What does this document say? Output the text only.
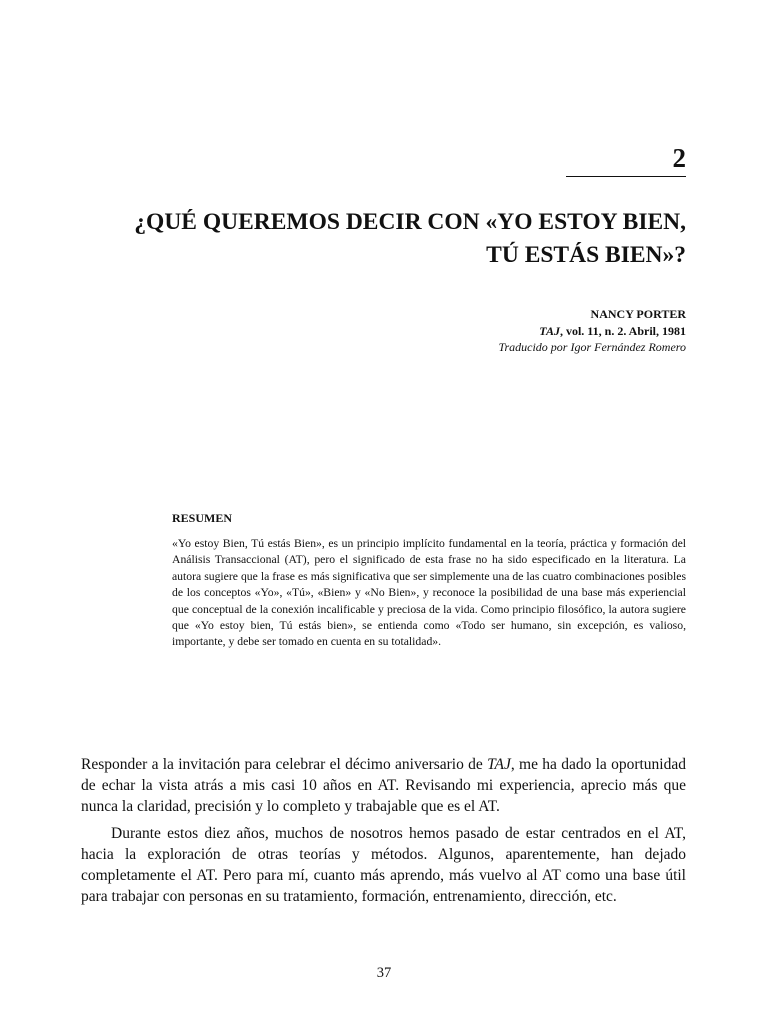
2
¿QUÉ QUEREMOS DECIR CON «YO ESTOY BIEN,
TÚ ESTÁS BIEN»?
NANCY PORTER
TAJ, vol. 11, n. 2. Abril, 1981
Traducido por Igor Fernández Romero
RESUMEN

«Yo estoy Bien, Tú estás Bien», es un principio implícito fundamental en la teoría, práctica y formación del Análisis Transaccional (AT), pero el significado de esta frase no ha sido especificado en la literatura. La autora sugiere que la frase es más significativa que ser simplemente una de las cuatro combinaciones posibles de los conceptos «Yo», «Tú», «Bien» y «No Bien», y reconoce la posibilidad de una base más experiencial que conceptual de la conexión incalificable y preciosa de la vida. Como principio filosófico, la autora sugiere que «Yo estoy bien, Tú estás bien», se entienda como «Todo ser humano, sin excepción, es valioso, importante, y debe ser tomado en cuenta en su totalidad».

Responder a la invitación para celebrar el décimo aniversario de TAJ, me ha dado la oportunidad de echar la vista atrás a mis casi 10 años en AT. Revisando mi experiencia, aprecio más que nunca la claridad, precisión y lo completo y trabajable que es el AT.

Durante estos diez años, muchos de nosotros hemos pasado de estar centrados en el AT, hacia la exploración de otras teorías y métodos. Algunos, aparentemente, han dejado completamente el AT. Pero para mí, cuanto más aprendo, más vuelvo al AT como una base útil para trabajar con personas en su tratamiento, formación, entrenamiento, dirección, etc.

37
